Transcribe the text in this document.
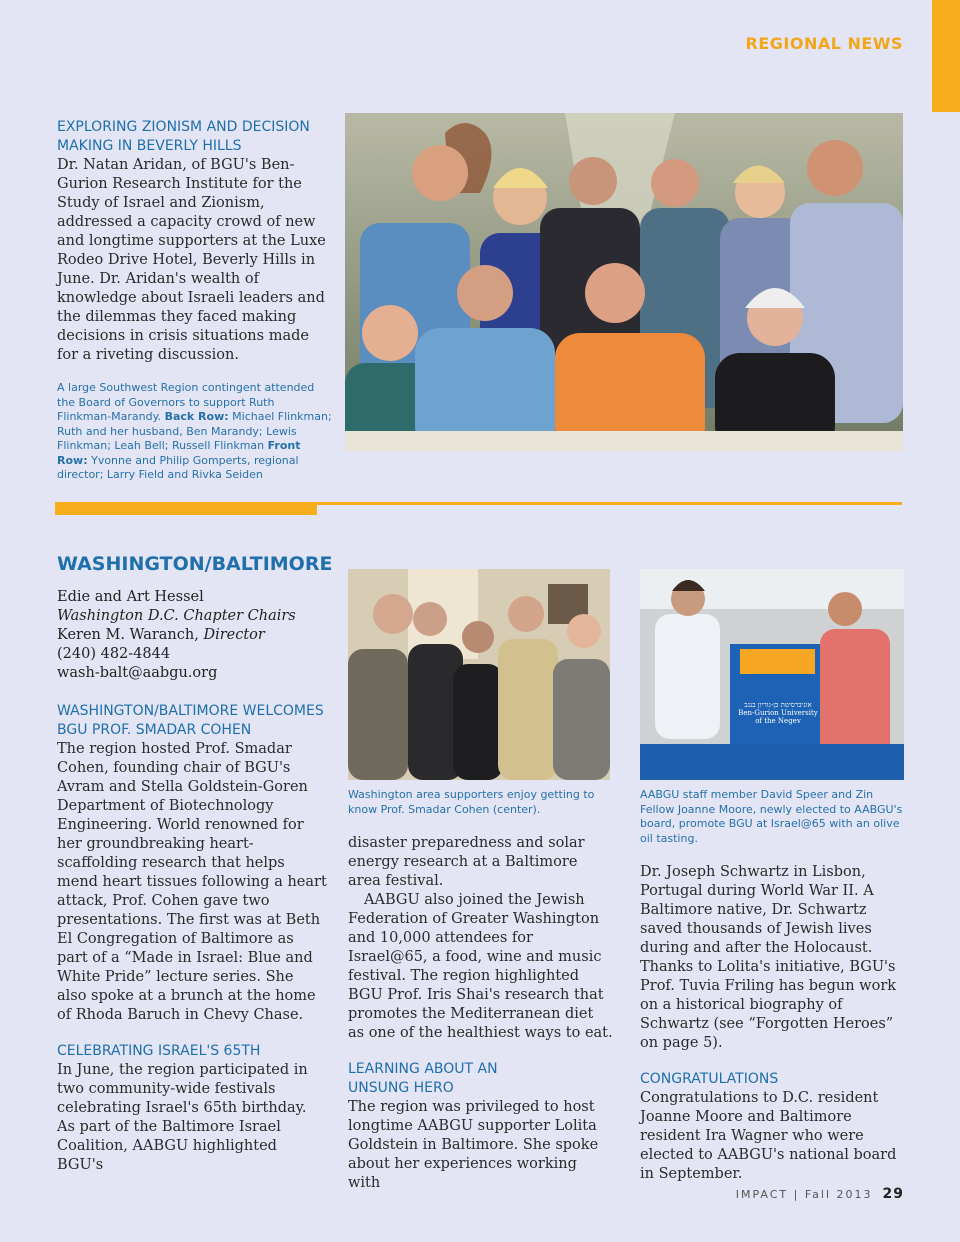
REGIONAL NEWS
EXPLORING ZIONISM AND DECISION
MAKING IN BEVERLY HILLS

Dr. Natan Aridan, of BGU's Ben-Gurion Research Institute for the Study of Israel and Zionism, addressed a capacity crowd of new and longtime supporters at the Luxe Rodeo Drive Hotel, Beverly Hills in June. Dr. Aridan's wealth of knowledge about Israeli leaders and the dilemmas they faced making decisions in crisis situations made for a riveting discussion.

A large Southwest Region contingent attended the Board of Governors to support Ruth Flinkman-Marandy. Back Row: Michael Flinkman; Ruth and her husband, Ben Marandy; Lewis Flinkman; Leah Bell; Russell Flinkman Front Row: Yvonne and Philip Gomperts, regional director; Larry Field and Rivka Seiden

WASHINGTON/BALTIMORE
Edie and Art Hessel
Washington D.C. Chapter Chairs
Keren M. Waranch, Director
(240) 482-4844
wash-balt@aabgu.org
WASHINGTON/BALTIMORE WELCOMES
BGU PROF. SMADAR COHEN

The region hosted Prof. Smadar Cohen, founding chair of BGU's Avram and Stella Goldstein-Goren Department of Biotechnology Engineering. World renowned for her groundbreaking heart-scaffolding research that helps mend heart tissues following a heart attack, Prof. Cohen gave two presentations. The first was at Beth El Congregation of Baltimore as part of a “Made in Israel: Blue and White Pride” lecture series. She also spoke at a brunch at the home of Rhoda Baruch in Chevy Chase.

CELEBRATING ISRAEL'S 65TH

In June, the region participated in two community-wide festivals celebrating Israel's 65th birthday. As part of the Baltimore Israel Coalition, AABGU highlighted BGU's

Washington area supporters enjoy getting to know Prof. Smadar Cohen (center).

disaster preparedness and solar energy research at a Baltimore area festival.

AABGU also joined the Jewish Federation of Greater Washington and 10,000 attendees for Israel@65, a food, wine and music festival. The region highlighted BGU Prof. Iris Shai's research that promotes the Mediterranean diet as one of the healthiest ways to eat.

LEARNING ABOUT AN
UNSUNG HERO

The region was privileged to host longtime AABGU supporter Lolita Goldstein in Baltimore. She spoke about her experiences working with

אוניברסיטת בן-גוריון בנגב
Ben-Gurion University
of the Negev

AABGU staff member David Speer and Zin Fellow Joanne Moore, newly elected to AABGU's board, promote BGU at Israel@65 with an olive oil tasting.

Dr. Joseph Schwartz in Lisbon, Portugal during World War II. A Baltimore native, Dr. Schwartz saved thousands of Jewish lives during and after the Holocaust. Thanks to Lolita's initiative, BGU's Prof. Tuvia Friling has begun work on a historical biography of Schwartz (see “Forgotten Heroes” on page 5).

CONGRATULATIONS

Congratulations to D.C. resident Joanne Moore and Baltimore resident Ira Wagner who were elected to AABGU's national board in September.

IMPACT | Fall 2013 29
